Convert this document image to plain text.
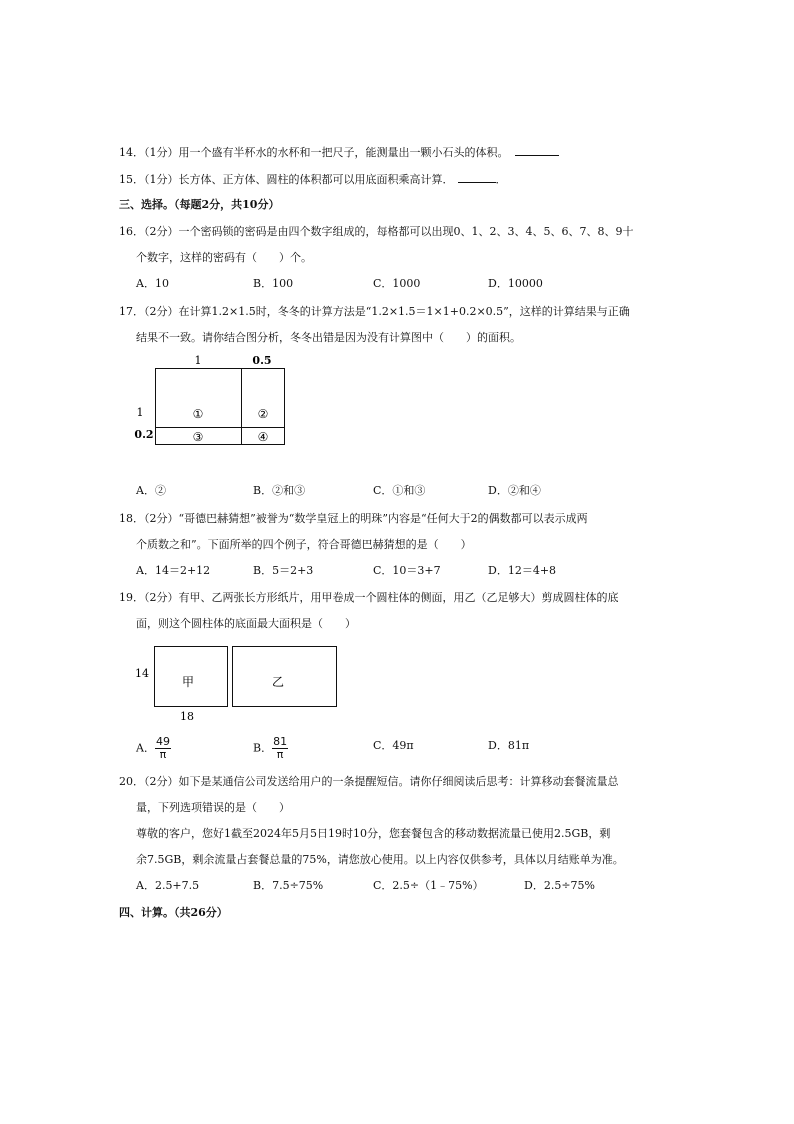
14．（1分）用一个盛有半杯水的水杯和一把尺子，能测量出一颗小石头的体积。
15．（1分）长方体、正方体、圆柱的体积都可以用底面积乘高计算．	．
三、选择。（每题2分，共10分）
16．（2分）一个密码锁的密码是由四个数字组成的，每格都可以出现0、1、2、3、4、5、6、7、8、9十
个数字，这样的密码有（　　）个。
A．10	B．100	C．1000	D．10000
17．（2分）在计算1.2×1.5时，冬冬的计算方法是“1.2×1.5＝1×1+0.2×0.5”，这样的计算结果与正确
结果不一致。请你结合图分析，冬冬出错是因为没有计算图中（　　）的面积。
1	0.5
1
0.2
①	②
③	④
A．②	B．②和③	C．①和③	D．②和④
18．（2分）“哥德巴赫猜想”被誉为“数学皇冠上的明珠”内容是“任何大于2的偶数都可以表示成两
个质数之和”。下面所举的四个例子，符合哥德巴赫猜想的是（　　）
A．14＝2+12	B．5＝2+3	C．10＝3+7	D．12＝4+8
19．（2分）有甲、乙两张长方形纸片，用甲卷成一个圆柱体的侧面，用乙（乙足够大）剪成圆柱体的底
面，则这个圆柱体的底面最大面积是（　　）
甲	乙
14
18
A． $\frac{49}{\pi}$	B． $\frac{81}{\pi}$	C．49π	D．81π
20．（2分）如下是某通信公司发送给用户的一条提醒短信。请你仔细阅读后思考：计算移动套餐流量总
量，下列选项错误的是（　　）
尊敬的客户，您好1截至2024年5月5日19时10分，您套餐包含的移动数据流量已使用2.5GB，剩
余7.5GB，剩余流量占套餐总量的75%，请您放心使用。以上内容仅供参考，具体以月结账单为准。
A．2.5+7.5	B．7.5÷75%	C．2.5÷（1﹣75%）	D．2.5÷75%
四、计算。（共26分）
